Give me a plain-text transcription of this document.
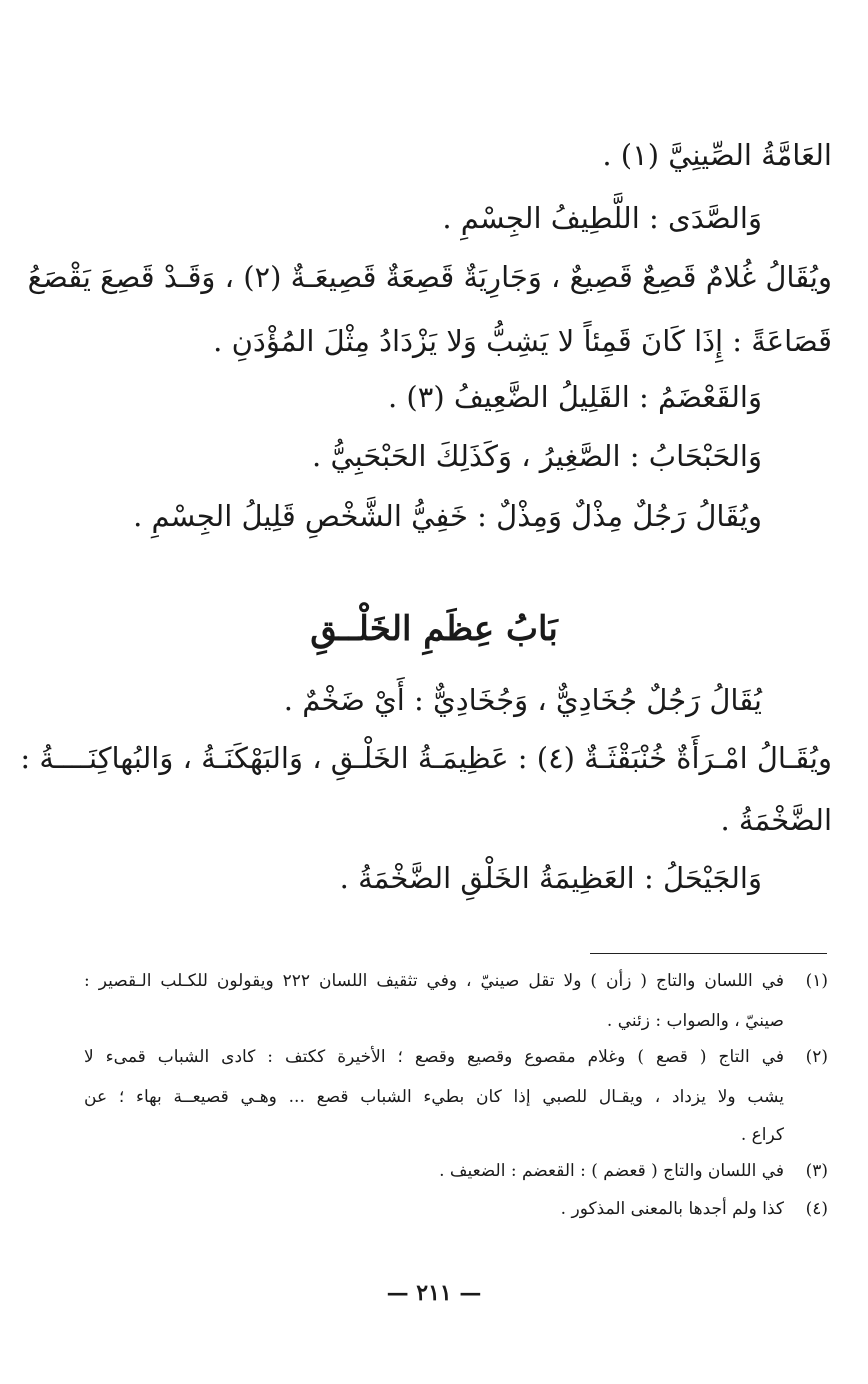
العَامَّةُ الصِّينِيَّ (١) .
وَالصَّدَى : اللَّطِيفُ الجِسْمِ .
ويُقَالُ غُلامٌ قَصِعٌ قَصِيعٌ ، وَجَارِيَةٌ قَصِعَةٌ قَصِيعَـةٌ (٢) ، وَقَـدْ قَصِعَ يَقْصَعُ
قَصَاعَةً : إِذَا كَانَ قَمِئاً لا يَشِبُّ وَلا يَزْدَادُ مِثْلَ المُؤْدَنِ .
وَالقَعْضَمُ : القَلِيلُ الضَّعِيفُ (٣) .
وَالحَبْحَابُ : الصَّغِيرُ ، وَكَذَلِكَ الحَبْحَبِيُّ .
ويُقَالُ رَجُلٌ مِذْلٌ وَمِذْلٌ : خَفِيُّ الشَّخْصِ قَلِيلُ الجِسْمِ .
بَابُ عِظَمِ الخَلْــقِ
يُقَالُ رَجُلٌ جُخَادِيٌّ ، وَجُخَادِيٌّ : أَيْ ضَخْمٌ .
ويُقَـالُ امْـرَأَةٌ خُنْبَقْثَـةٌ (٤) : عَظِيمَـةُ الخَلْـقِ ، وَالبَهْكَنَـةُ ، وَالبُهاكِنَــــةُ :
الضَّخْمَةُ .
وَالجَيْحَلُ : العَظِيمَةُ الخَلْقِ الضَّخْمَةُ .
(١)
في اللسان والتاج ( زأن ) ولا تقل صينيّ ، وفي تثقيف اللسان ٢٢٢ ويقولون للكـلب الـقصير :
صينيّ ، والصواب : زئني .
(٢)
في التاج ( قصع ) وغلام مقصوع وقصيع وقصع ؛ الأخيرة ككتف : كادى الشباب قمىء لا
يشب ولا يزداد ، ويقـال للصبي إذا كان بطيء الشباب قصع ... وهـي قصيعــة بهاء ؛ عن
كراع .
(٣)
في اللسان والتاج ( قعضم ) : القعضم : الضعيف .
(٤)
كذا ولم أجدها بالمعنى المذكور .
— ٢١١ —
